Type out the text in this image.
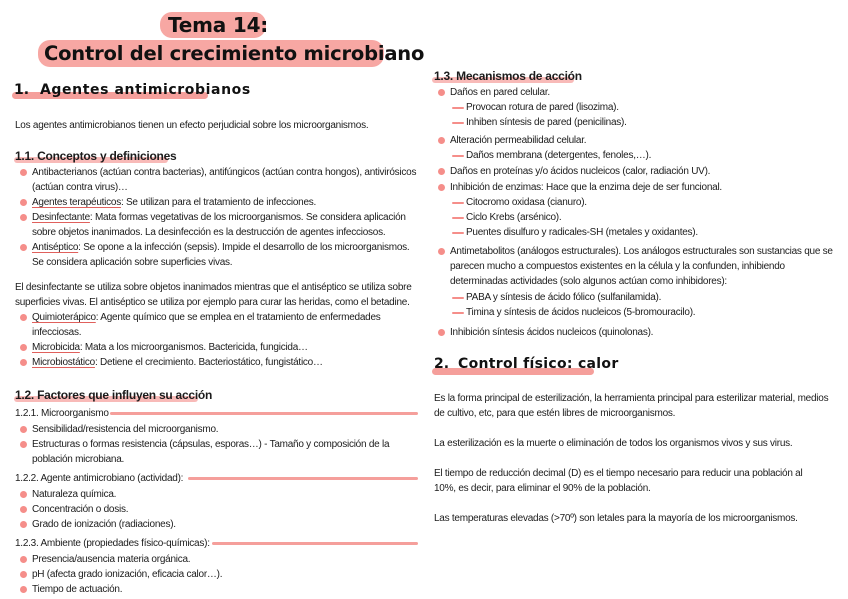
Tema 14:
Control del crecimiento microbiano
1. Agentes antimicrobianos
Los agentes antimicrobianos tienen un efecto perjudicial sobre los microorganismos.
1.1. Conceptos y definiciones
Antibacterianos (actúan contra bacterias), antifúngicos (actúan contra hongos), antivirósicos
(actúan contra virus)…
Agentes terapéuticos: Se utilizan para el tratamiento de infecciones.
Desinfectante: Mata formas vegetativas de los microorganismos. Se considera aplicación
sobre objetos inanimados. La desinfección es la destrucción de agentes infecciosos.
Antiséptico: Se opone a la infección (sepsis). Impide el desarrollo de los microorganismos.
Se considera aplicación sobre superficies vivas.
El desinfectante se utiliza sobre objetos inanimados mientras que el antiséptico se utiliza sobre
superficies vivas. El antiséptico se utiliza por ejemplo para curar las heridas, como el betadine.
Quimioterápico: Agente químico que se emplea en el tratamiento de enfermedades
infecciosas.
Microbicida: Mata a los microorganismos. Bactericida, fungicida…
Microbiostático: Detiene el crecimiento. Bacteriostático, fungistático…
1.2. Factores que influyen su acción
1.2.1. Microorganismo
Sensibilidad/resistencia del microorganismo.
Estructuras o formas resistencia (cápsulas, esporas…) - Tamaño y composición de la
población microbiana.
1.2.2. Agente antimicrobiano (actividad):
Naturaleza química.
Concentración o dosis.
Grado de ionización (radiaciones).
1.2.3. Ambiente (propiedades físico-químicas):
Presencia/ausencia materia orgánica.
pH (afecta grado ionización, eficacia calor…).
Tiempo de actuación.
1.3. Mecanismos de acción
Daños en pared celular.
Provocan rotura de pared (lisozima).
Inhiben síntesis de pared (penicilinas).
Alteración permeabilidad celular.
Daños membrana (detergentes, fenoles,…).
Daños en proteínas y/o ácidos nucleicos (calor, radiación UV).
Inhibición de enzimas: Hace que la enzima deje de ser funcional.
Citocromo oxidasa (cianuro).
Ciclo Krebs (arsénico).
Puentes disulfuro y radicales-SH (metales y oxidantes).
Antimetabolitos (análogos estructurales). Los análogos estructurales son sustancias que se
parecen mucho a compuestos existentes en la célula y la confunden, inhibiendo
determinadas actividades (solo algunos actúan como inhibidores):
PABA y síntesis de ácido fólico (sulfanilamida).
Timina y síntesis de ácidos nucleicos (5-bromouracilo).
Inhibición síntesis ácidos nucleicos (quinolonas).
2. Control físico: calor
Es la forma principal de esterilización, la herramienta principal para esterilizar material, medios
de cultivo, etc, para que estén libres de microorganismos.
La esterilización es la muerte o eliminación de todos los organismos vivos y sus virus.
El tiempo de reducción decimal (D) es el tiempo necesario para reducir una población al
10%, es decir, para eliminar el 90% de la población.
Las temperaturas elevadas (>70º) son letales para la mayoría de los microorganismos.
